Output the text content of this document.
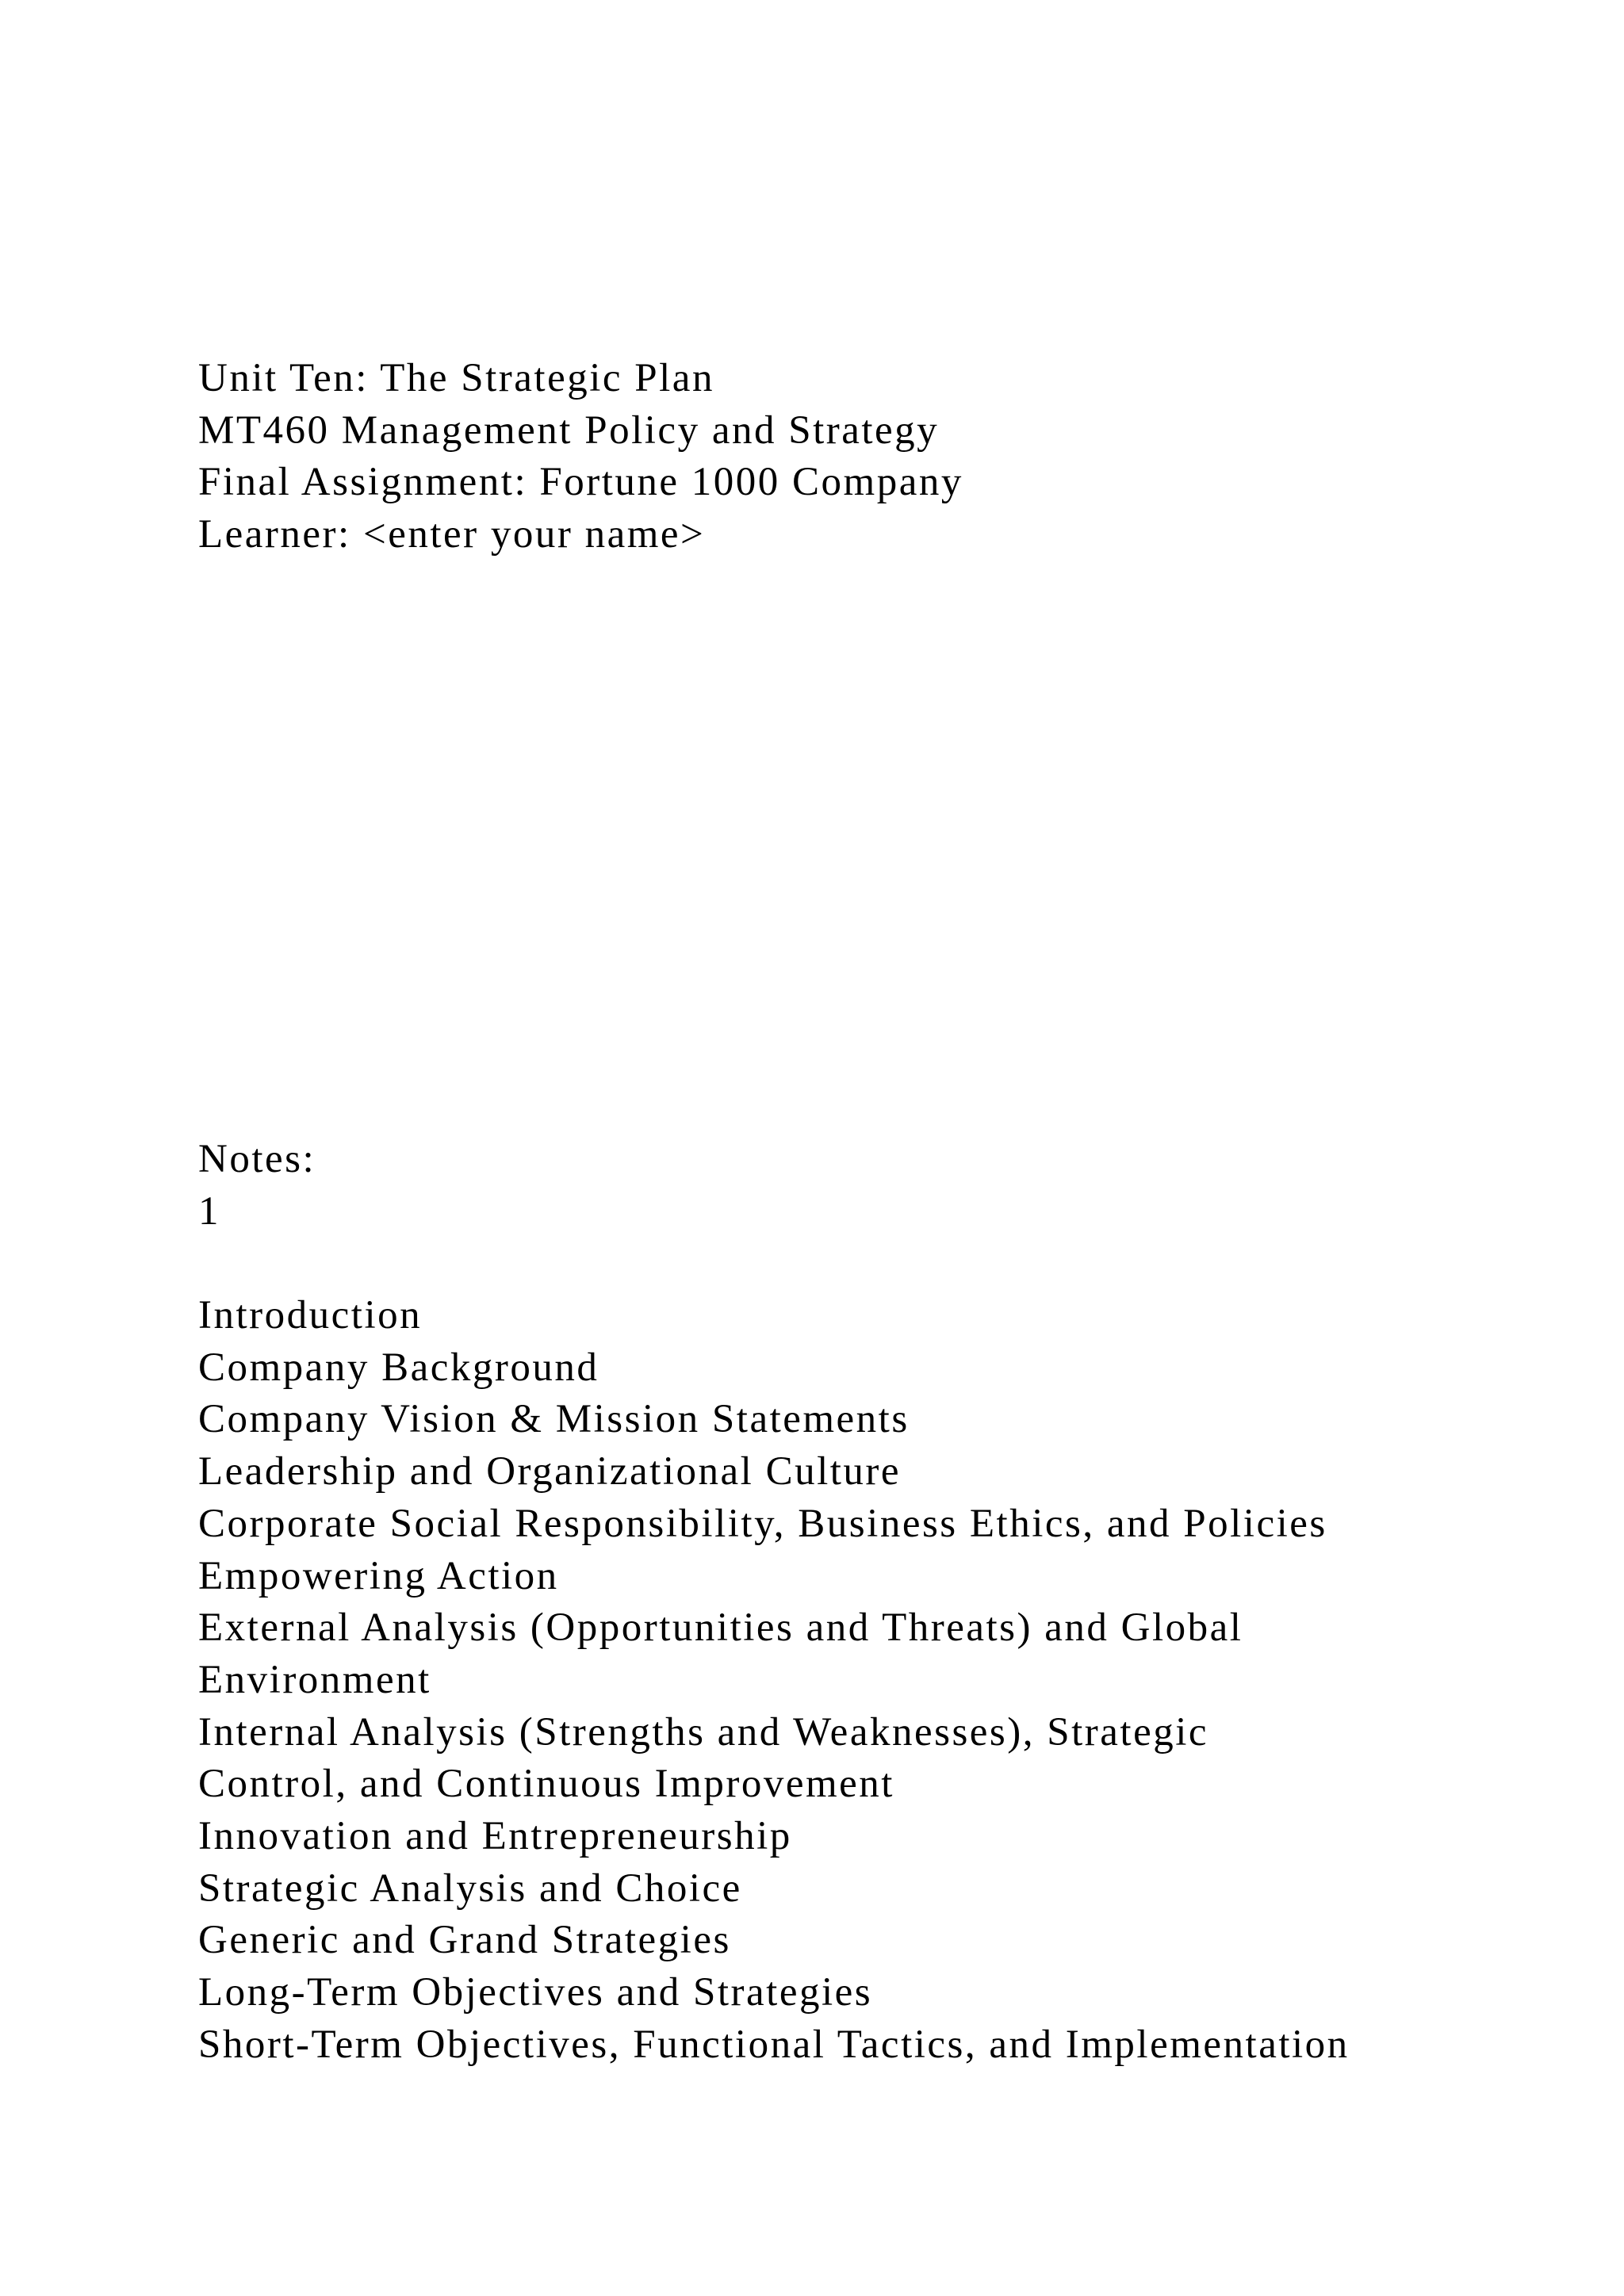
Unit Ten: The Strategic Plan
MT460 Management Policy and Strategy
Final Assignment: Fortune 1000 Company
Learner: <enter your name>
Notes:
1
Introduction
Company Background
Company Vision & Mission Statements
Leadership and Organizational Culture
Corporate Social Responsibility, Business Ethics, and Policies
Empowering Action
External Analysis (Opportunities and Threats) and Global
Environment
Internal Analysis (Strengths and Weaknesses), Strategic
Control, and Continuous Improvement
Innovation and Entrepreneurship
Strategic Analysis and Choice
Generic and Grand Strategies
Long-Term Objectives and Strategies
Short-Term Objectives, Functional Tactics, and Implementation
